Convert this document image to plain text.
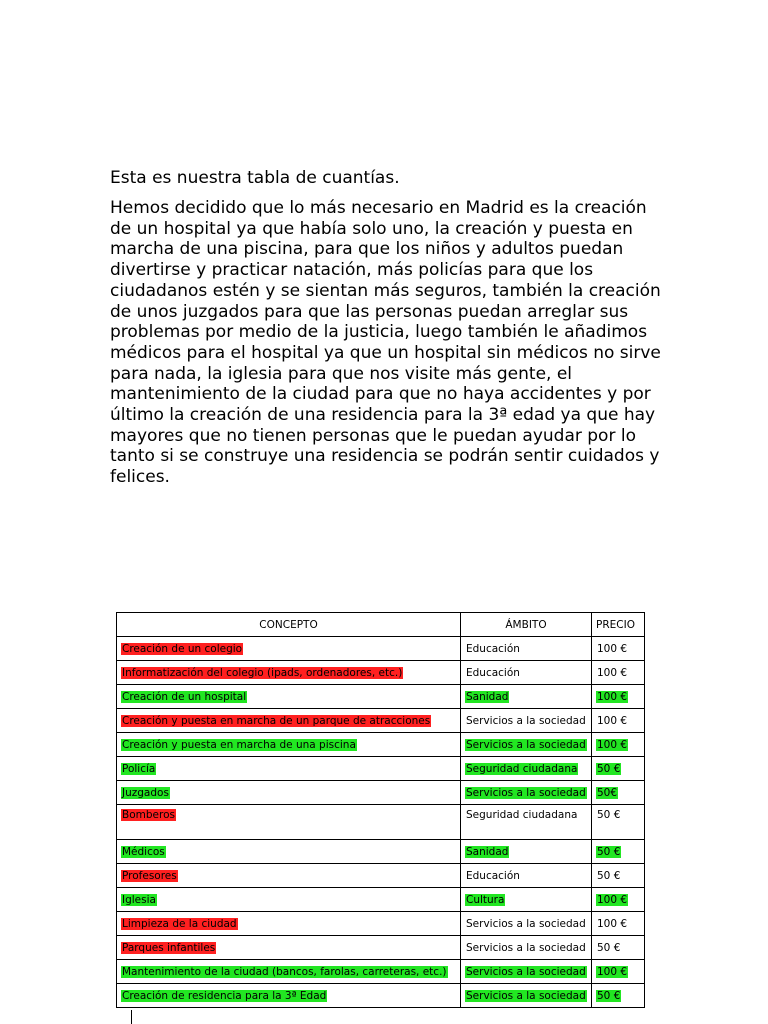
Esta es nuestra tabla de cuantías.

Hemos decidido que lo más necesario en Madrid es la creación de un hospital ya que había solo uno, la creación y puesta en marcha de una piscina, para que los niños y adultos puedan divertirse y practicar natación, más policías para que los ciudadanos estén y se sientan más seguros, también la creación de unos juzgados para que las personas puedan arreglar sus problemas por medio de la justicia, luego también le añadimos médicos para el hospital ya que un hospital sin médicos no sirve para nada, la iglesia para que nos visite más gente, el mantenimiento de la ciudad para que no haya accidentes y por último la creación de una residencia para la 3ª edad ya que hay mayores que no tienen personas que le puedan ayudar por lo tanto si se construye una residencia se podrán sentir cuidados y felices.

CONCEPTO	ÁMBITO	PRECIO
Creación de un colegio	Educación	100 €
Informatización del colegio (ipads, ordenadores, etc.)	Educación	100 €
Creación de un hospital	Sanidad	100 €
Creación y puesta en marcha de un parque de atracciones	Servicios a la sociedad	100 €
Creación y puesta en marcha de una piscina	Servicios a la sociedad	100 €
Policía	Seguridad ciudadana	50 €
Juzgados	Servicios a la sociedad	50€
Bomberos	Seguridad ciudadana	50 €
Médicos	Sanidad	50 €
Profesores	Educación	50 €
Iglesia	Cultura	100 €
Limpieza de la ciudad	Servicios a la sociedad	100 €
Parques infantiles	Servicios a la sociedad	50 €
Mantenimiento de la ciudad (bancos, farolas, carreteras, etc.)	Servicios a la sociedad	100 €
Creación de residencia para la 3ª Edad	Servicios a la sociedad	50 €
